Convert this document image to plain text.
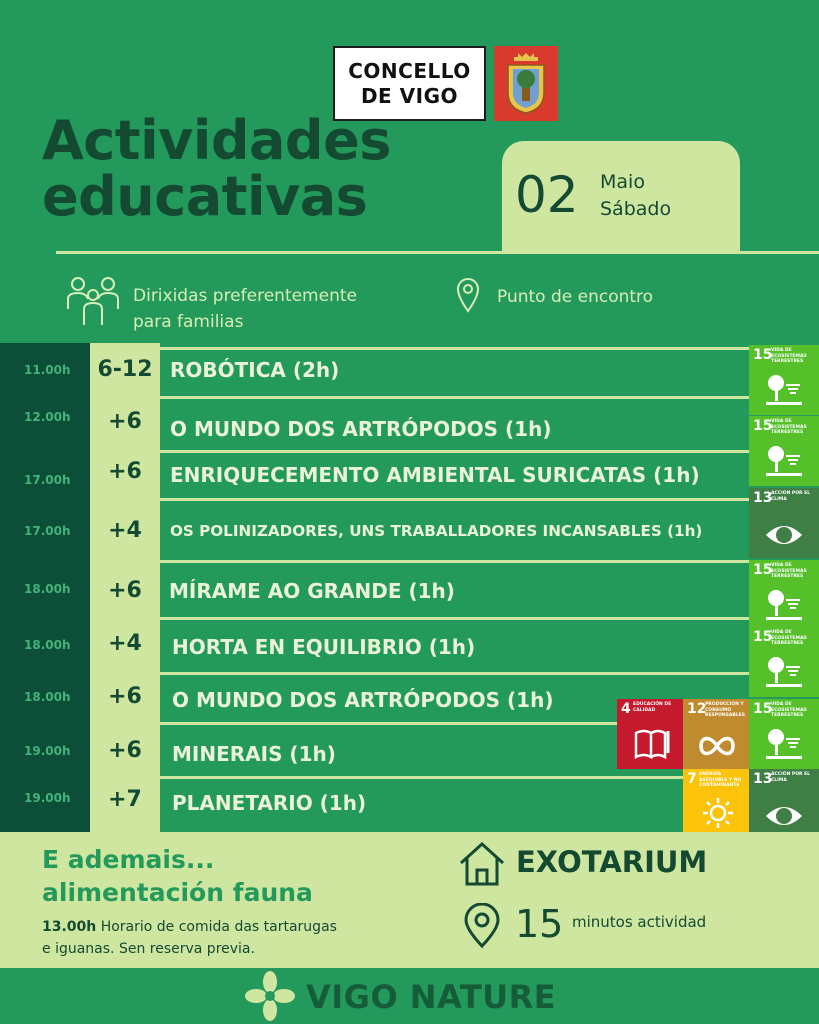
CONCELLO
DE VIGO
Actividades
educativas	02 Maio
Sábado
Dirixidas preferentemente
para familias
Punto de encontro
11.00h	6-12 ROBÓTICA (2h)
12.00h	+6	O MUNDO DOS ARTRÓPODOS (1h)
17.00h	+6	ENRIQUECEMENTO AMBIENTAL SURICATAS (1h)
17.00h	+4	OS POLINIZADORES, UNS TRABALLADORES INCANSABLES (1h)
18.00h	+6	MÍRAME AO GRANDE (1h)
18.00h	+4	HORTA EN EQUILIBRIO (1h)
18.00h	+6	O MUNDO DOS ARTRÓPODOS (1h)
19.00h	+6	MINERAIS (1h)
19.00h	+7	PLANETARIO (1h)
15
VIDA DE ECOSISTEMAS TERRESTRES
15
VIDA DE ECOSISTEMAS TERRESTRES
13
ACCIÓN POR EL CLIMA
15
VIDA DE ECOSISTEMAS TERRESTRES
15
VIDA DE ECOSISTEMAS TERRESTRES
4 EDUCACIÓN DE CALIDAD	12
PRODUCCIÓN Y CONSUMO RESPONSABLES 15
VIDA DE ECOSISTEMAS TERRESTRES
7 ENERGÍA ASEQUIBLE Y NO CONTAMINANTE 13
ACCIÓN POR EL CLIMA
E ademais...
alimentación fauna
13.00h Horario de comida das tartarugas
e iguanas. Sen reserva previa.
EXOTARIUM
15 minutos actividad
VIGO NATURE
